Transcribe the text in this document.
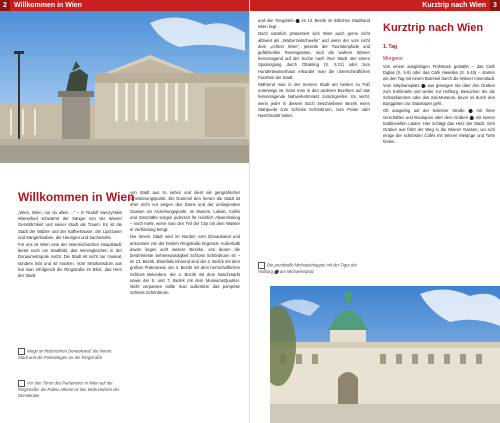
2	Willkommen in Wien
Willkommen in Wien

„Wien, Wien, nur du allein ...“ – in Rudolf Sieczyńskis Wienerlied schwärmt der Sänger von der Wiener Gemütlichkeit und seiner Stadt als Traum. Es ist die Stadt der Walzer und der Kaffeehäuser, der Lipizzaner und Sängerknaben, der Heurigen und Sachertorte.

Für uns ist Wien eine der österreichischen Hauptstadt, bietet noch ein Stadtbild, das seinesgleichen in der Donaumetropole sucht: Die Stadt ist nicht nur museal, sondern lebt und ist modern. Vom Stephansdom aus hat man erfolgreich die Ringstraße im Blick, das Herz der Stadt.

von Stadt aus zu sehen und dient als geografischer Orientierungspunkt. Ein Dummel den herum die Stadt ist eher nicht nur wegen des Doms und der umliegenden Gassen ein Anziehungspunkt. Im Musem, Lokale, Cafés und Geschäfte sorgen jederzeit für reichlich Abwechslung – noch mehr, wenn man den Teil der City mit dem Wasser in Verbindung bringt.

Die Innere Stadt wird im Norden vom Donaukanal und ansonsten von der breiten Ringstraße begrenzt. Außerhalb davon liegen acht weitere Bezirke, von denen die berühmteste Sehenswürdigkeit Schloss Schönbrunn ist – im 13. Bezirk. Ebenfalls lohnend sind der 2. Bezirk mit dem großen Praterareal, der 3. Bezirk mit dem herrschaftlichen Schloss Belvedere, der 4. Bezirk mit dem Naschmarkt sowie der 6. und 7. Bezirk mit dem MuseumsQuartier. Nicht verpassen sollte man außerdem das pompöse Schloss Schönbrunn.

Wege im historischen Donaukanal: die Innere Stadt und die Parkanlagen an der Ringstraße
Vor den Toren des Parlaments in Wien auf der Ringstraße: die Pallas Athene ist das Wahrzeichen der Demokratie
Kurztrip nach Wien	3

und den Tiergarten ⬤ im 13. Bezirk im östlichen Stadtrand Wien liegt.

Doch natürlich präsentiert sich Wien auch gerne nicht allzweit als „Walzerzeitschwelle“ und wenn der vom nicht dem „echten Wien“, jenseits der Touristenpfade und gefühlvollen Rosengassen, sind die wahren Wiener hervorragend auf der Suche nach ihrer Stadt. Bei einem Spaziergang durch Ottakring (S. 5.21) oder zum Hundertwasserhaus erkundet man die unterschiedlichen Facetten der Stadt.

Während man in der Inneren Stadt am besten zu Fuß unterwegs ist, kann man in den anderen Bezirken auf das hervorragende Nahverkehrsnetz zurückgreifen. Es reicht, wenn jeder in diesem Buch beschriebene Bezirk einen Startpunkt zum Schloss Schönbrunn, zum Prater oder Naschmarkt bietet.

Die prunkvolle Michaelerkuppel mit der Figur der Hofburg ⬤ am Michaelerplatz
Kurztrip nach Wien
1. Tag
Morgens

Von einem ausgiebigen Frühstück gestärkt – das Café Diglas (S. 6.9) oder das Café Hawelka (S. 5.45) – starten wir den Tag mit einem Bummel durch die Wiener Innenstadt. Vom Stephansplatz ⬤ aus gelangen Sie über den Graben zum Kohlmarkt und weiter zur Hofburg. Besuchen Sie die Schatzkammer oder das Sisi-Museum, bevor es durch den Burggarten zur Staatsoper geht.

Ob ausgiebig auf der Kärntner Straße ⬤ mit ihren Geschäften und Boutiquen oder dem Graben ⬤ mit seinen traditionellen Läden: Hier schlägt das Herz der Stadt. Vom Graben aus führt der Weg in die Wiener Gassen, wo sich einige der schönsten Cafés mit Wiener Melange und Torte finden.
